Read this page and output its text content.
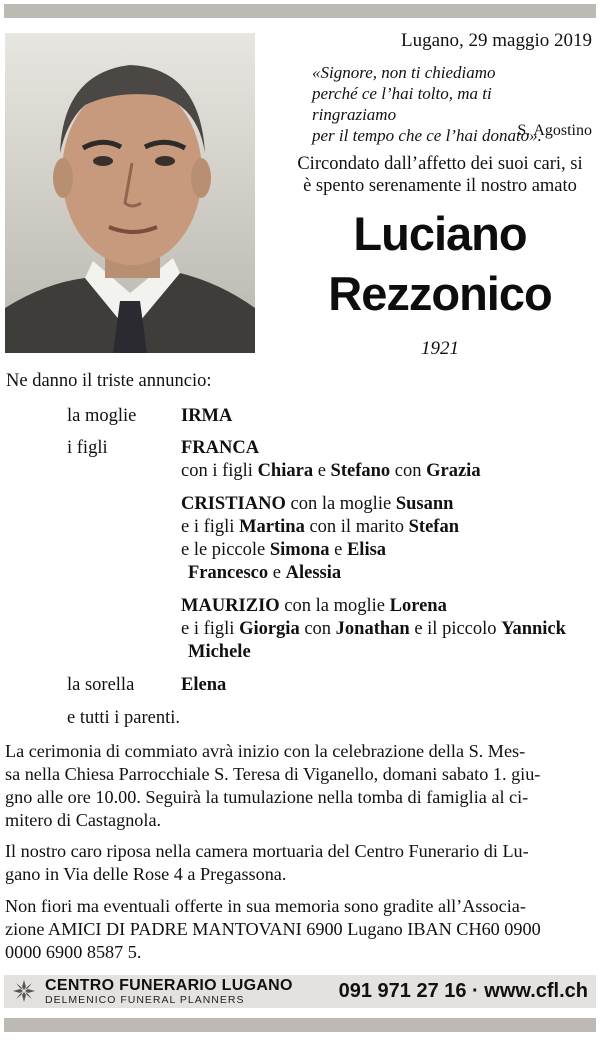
Lugano, 29 maggio 2019
«Signore, non ti chiediamo
perché ce l’hai tolto, ma ti ringraziamo
per il tempo che ce l’hai donato».
S. Agostino
Circondato dall’affetto dei suoi cari, si
è spento serenamente il nostro amato
Luciano
Rezzonico
1921
Ne danno il triste annuncio:
la moglie IRMA
i figli	FRANCA
con i figli Chiara e Stefano con Grazia
CRISTIANO con la moglie Susann
e i figli Martina con il marito Stefan
e le piccole Simona e Elisa
Francesco e Alessia
MAURIZIO con la moglie Lorena
e i figli Giorgia con Jonathan e il piccolo Yannick
Michele
la sorella	Elena
e tutti i parenti.
La cerimonia di commiato avrà inizio con la celebrazione della S. Mes-
sa nella Chiesa Parrocchiale S. Teresa di Viganello, domani sabato 1. giu-
gno alle ore 10.00. Seguirà la tumulazione nella tomba di famiglia al ci-
mitero di Castagnola.
Il nostro caro riposa nella camera mortuaria del Centro Funerario di Lu-
gano in Via delle Rose 4 a Pregassona.
Non fiori ma eventuali offerte in sua memoria sono gradite all’Associa-
zione AMICI DI PADRE MANTOVANI 6900 Lugano IBAN CH60 0900
0000 6900 8587 5.
CENTRO FUNERARIO LUGANO
DELMENICO FUNERAL PLANNERS	091 971 27 16 · www.cfl.ch
